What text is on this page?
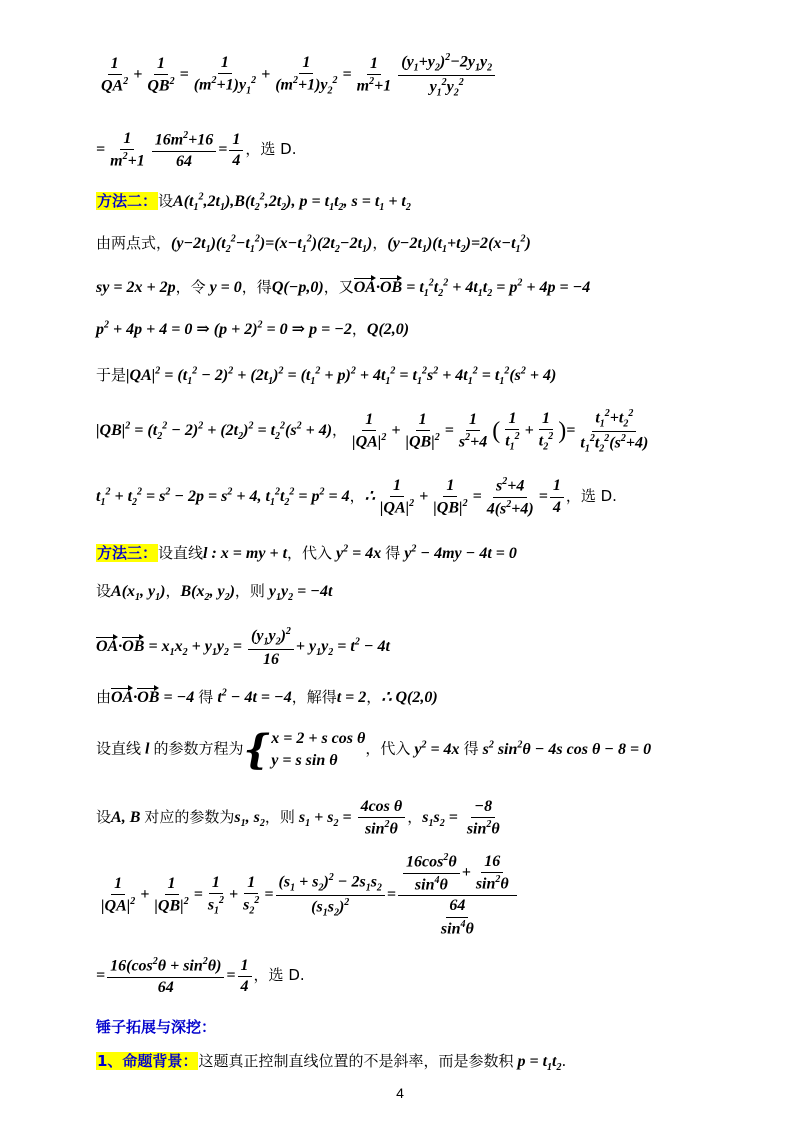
$\frac{1}{QA^2} + \frac{1}{QB^2} = \frac{1}{(m^2+1)y_1^2} + \frac{1}{(m^2+1)y_2^2} = \frac{1}{m^2+1} \frac{(y_1+y_2)^2-2y_1y_2}{y_1^2y_2^2}$
= $\frac{1}{m^2+1} \frac{16m^2+16}{64} = \frac{1}{4}$ ，选 D.
方法二：设$A(t_1^2,2t_1),B(t_2^2,2t_2)$, $p = t_1t_2$, $s = t_1 + t_2$
由两点式，$(y-2t_1)(t_2^2-t_1^2)=(x-t_1^2)(2t_2-2t_1)$，$(y-2t_1)(t_1+t_2)=2(x-t_1^2)$
sy = 2x + 2p，令 y = 0，得Q(−p,0)，又$OA\cdot OB = t_1^2t_2^2 + 4t_1t_2 = p^2 + 4p = -4$
$p^2 + 4p + 4 = 0$ ⇒ $(p + 2)^2 = 0$ ⇒ p = −2，Q(2,0)
于是$|QA|^2 = (t_1^2 - 2)^2 + (2t_1)^2 = (t_1^2 + p)^2 + 4t_1^2 = t_1^2s^2 + 4t_1^2 = t_1^2(s^2 + 4)$
$|QB|^2 = (t_2^2 - 2)^2 + (2t_2)^2 = t_2^2(s^2 + 4)$， $\frac{1}{|QA|^2} + \frac{1}{|QB|^2} = \frac{1}{s^2+4}$ ( $\frac{1}{t_1^2} + \frac{1}{t_2^2}$ )= $\frac{t_1^2+t_2^2}{t_1^2t_2^2(s^2+4)}$
$t_1^2 + t_2^2 = s^2 - 2p = s^2 + 4$, $t_1^2t_2^2 = p^2 = 4$，∴ $\frac{1}{|QA|^2} + \frac{1}{|QB|^2} = \frac{s^2+4}{4(s^2+4)} = \frac{1}{4}$ ，选 D.
方法三：设直线l : x = my + t，代入 $y^2 = 4x$ 得 $y^2 - 4my - 4t = 0$
设$A(x_1$, $y_1$)，$B(x_2$, $y_2$)，则 $y_1y_2 = -4t$
$OA\cdot OB = x_1x_2 + y_1y_2 = \frac{(y_1y_2)^2}{16} + y_1y_2 = t^2 - 4t$
由OA·OB = −4 得 $t^2 - 4t = -4$，解得t = 2，∴ Q(2,0)
设直线 l 的参数方程为 { x = 2 + s cos θ
y = s sin θ
，代入 $y^2 = 4x$ 得 $s^2$ $\sin^2\theta - 4s$ cos θ − 8 = 0
设A, B 对应的参数为$s_1$, $s_2$，则 $s_1 + s_2 = \frac{\text{4cos θ}}{\sin^2\theta}$ ，$s_1s_2 = \frac{-8}{\sin^2\theta}$
$\frac{1}{|QA|^2} + \frac{1}{|QB|^2} = \frac{1}{s_1^2} + \frac{1}{s_2^2} = \frac{(s_1 + s_2)^2 - 2s_1s_2}{(s_1s_2)^2} = \frac{\frac{16\cos^2\theta}{\sin^4\theta} + \frac{16}{\sin^2\theta}}{\frac{64}{\sin^4\theta}}$
= $\frac{16(\cos^2\theta + \sin^2\theta)}{64} = \frac{1}{4}$ ，选 D.
锤子拓展与深挖：
1、命题背景：这题真正控制直线位置的不是斜率，而是参数积 $p = t_1t_2$.
4
